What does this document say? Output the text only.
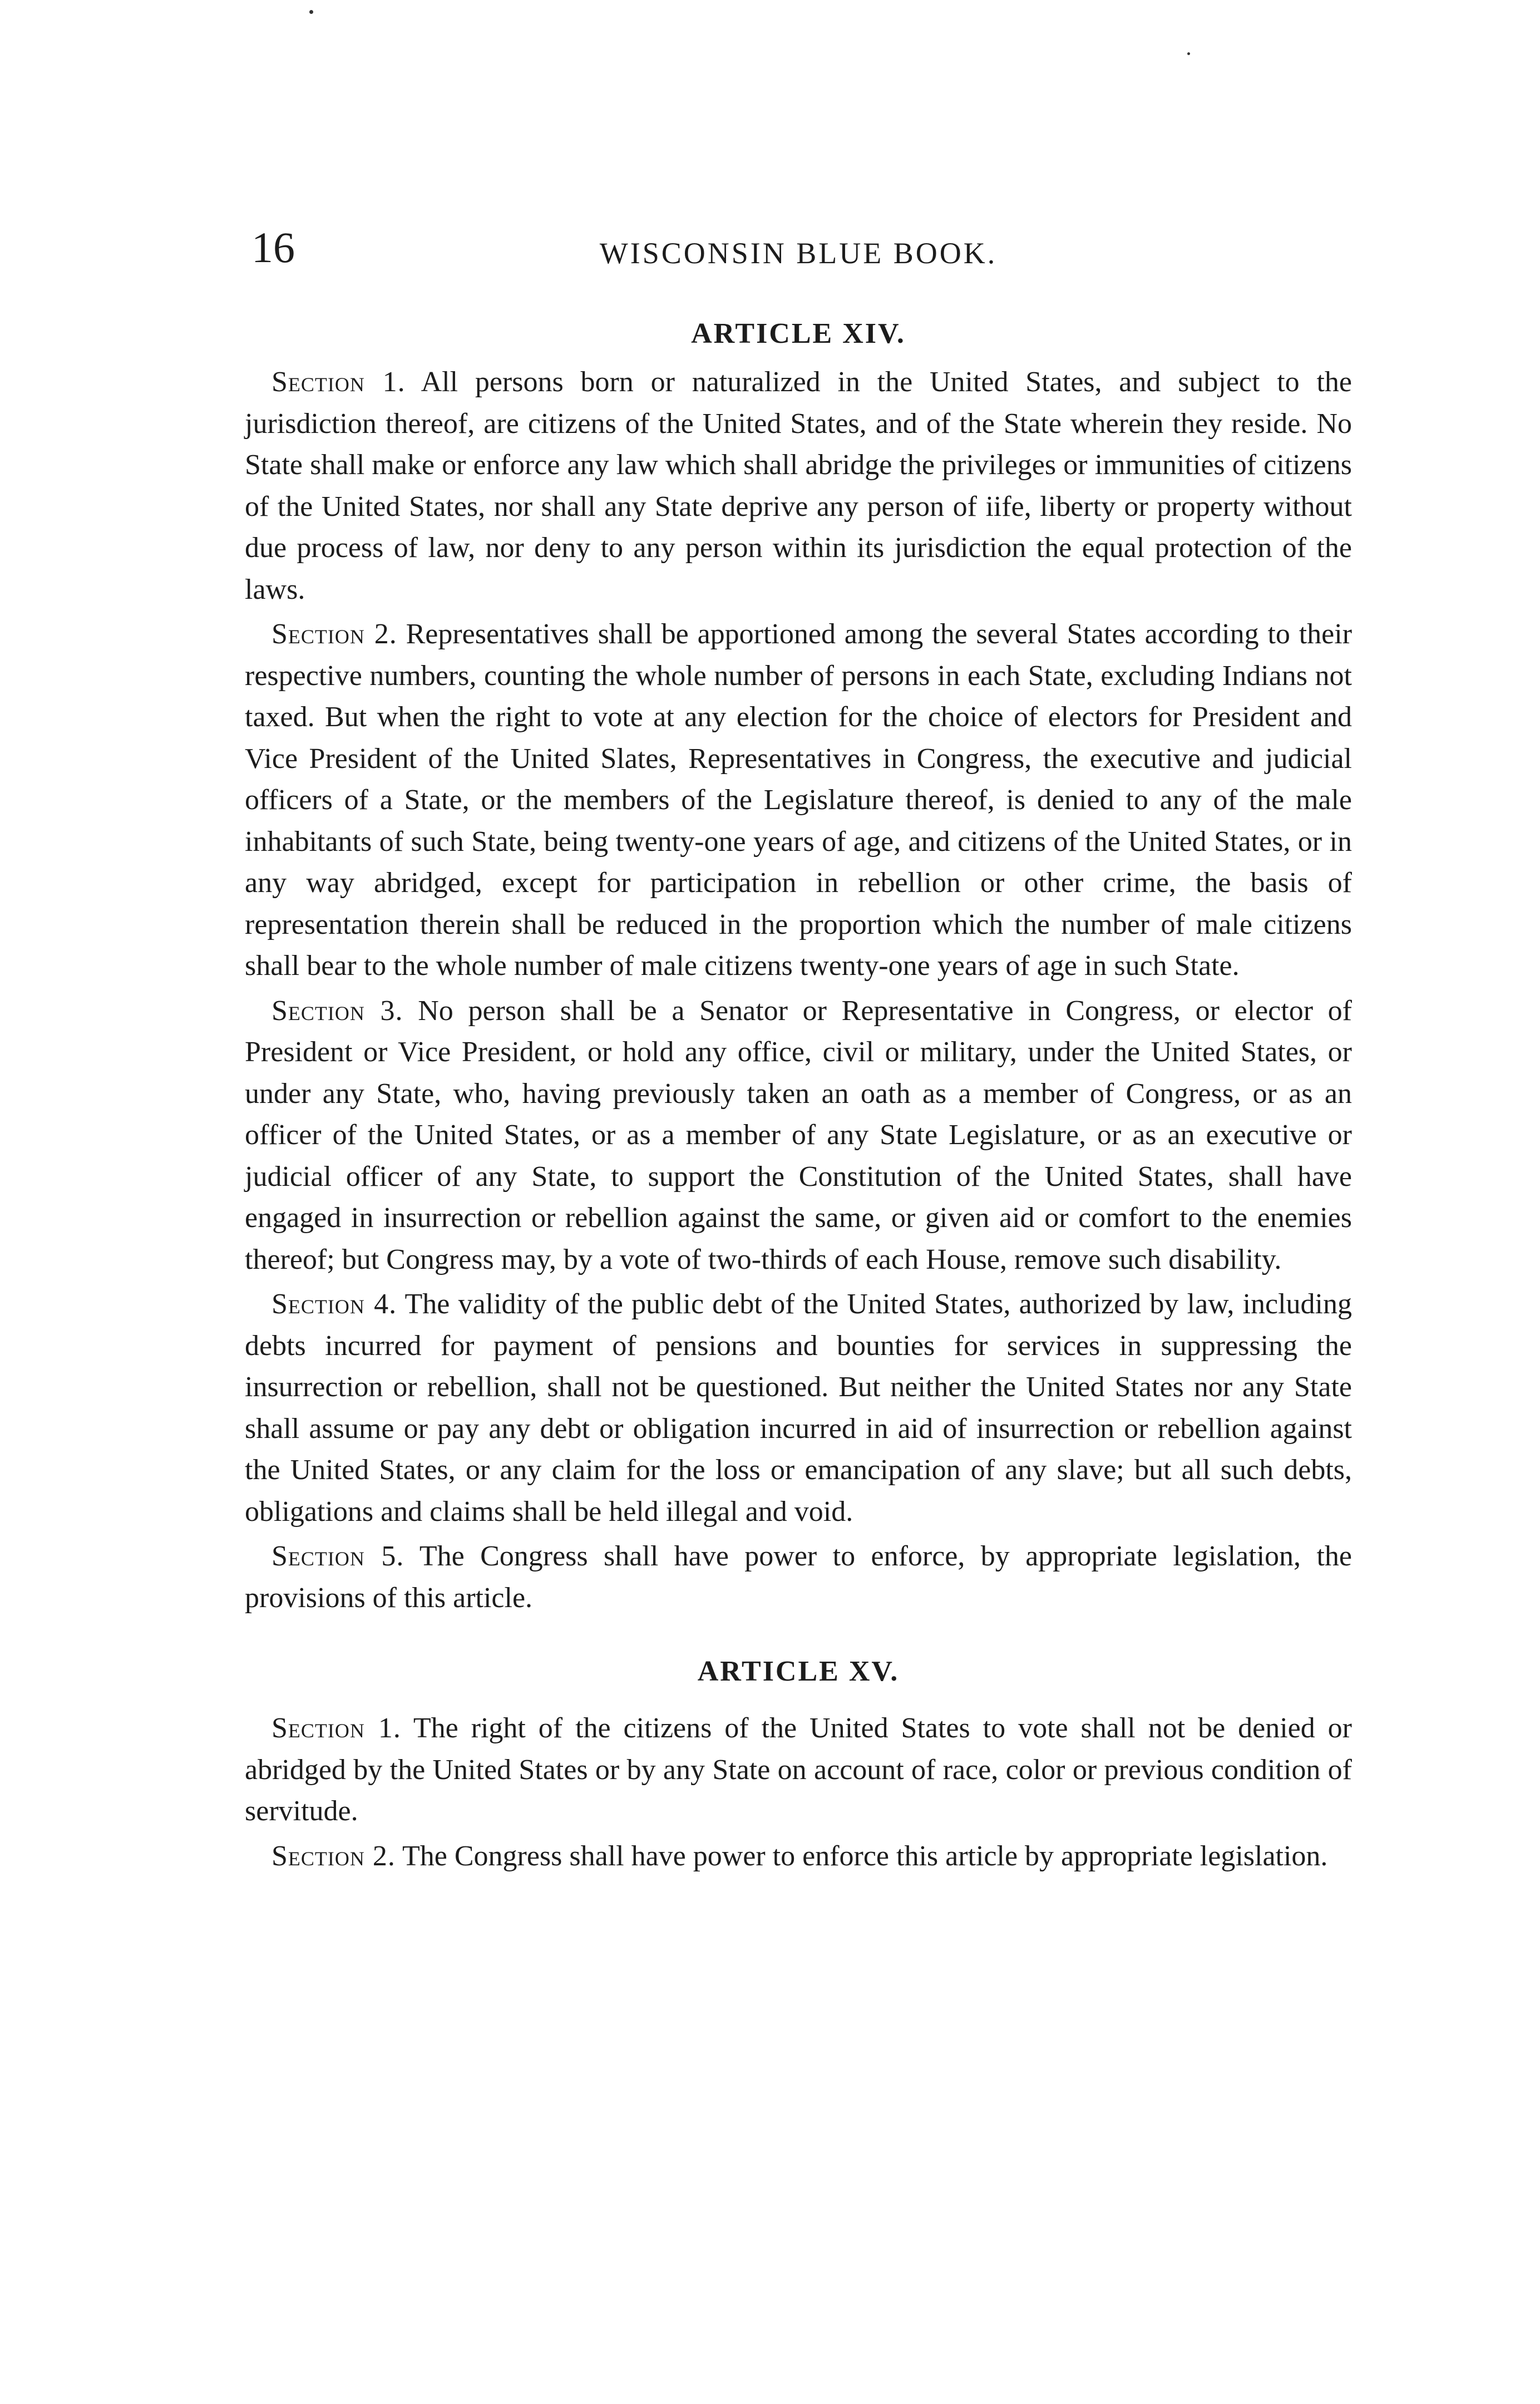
16	WISCONSIN BLUE BOOK.
ARTICLE XIV.

Section 1. All persons born or naturalized in the United States, and subject to the jurisdiction thereof, are citizens of the United States, and of the State wherein they reside. No State shall make or enforce any law which shall abridge the privileges or immunities of citizens of the United States, nor shall any State deprive any person of iife, liberty or property without due process of law, nor deny to any person within its jurisdiction the equal protection of the laws.

Section 2. Representatives shall be apportioned among the several States according to their respective numbers, counting the whole number of persons in each State, excluding Indians not taxed. But when the right to vote at any election for the choice of electors for President and Vice President of the United Slates, Representatives in Congress, the executive and judicial officers of a State, or the members of the Legislature thereof, is denied to any of the male inhabitants of such State, being twenty-one years of age, and citizens of the United States, or in any way abridged, except for participation in rebellion or other crime, the basis of representation therein shall be reduced in the proportion which the number of male citizens shall bear to the whole number of male citizens twenty-one years of age in such State.

Section 3. No person shall be a Senator or Representative in Congress, or elector of President or Vice President, or hold any office, civil or military, under the United States, or under any State, who, having previously taken an oath as a member of Congress, or as an officer of the United States, or as a member of any State Legislature, or as an executive or judicial officer of any State, to support the Constitution of the United States, shall have engaged in insurrection or rebellion against the same, or given aid or comfort to the enemies thereof; but Congress may, by a vote of two-thirds of each House, remove such disability.

Section 4. The validity of the public debt of the United States, authorized by law, including debts incurred for payment of pensions and bounties for services in suppressing the insurrection or rebellion, shall not be questioned. But neither the United States nor any State shall assume or pay any debt or obligation incurred in aid of insurrection or rebellion against the United States, or any claim for the loss or emancipation of any slave; but all such debts, obligations and claims shall be held illegal and void.

Section 5. The Congress shall have power to enforce, by appropriate legislation, the provisions of this article.

ARTICLE XV.

Section 1. The right of the citizens of the United States to vote shall not be denied or abridged by the United States or by any State on account of race, color or previous condition of servitude.

Section 2. The Congress shall have power to enforce this article by appropriate legislation.
